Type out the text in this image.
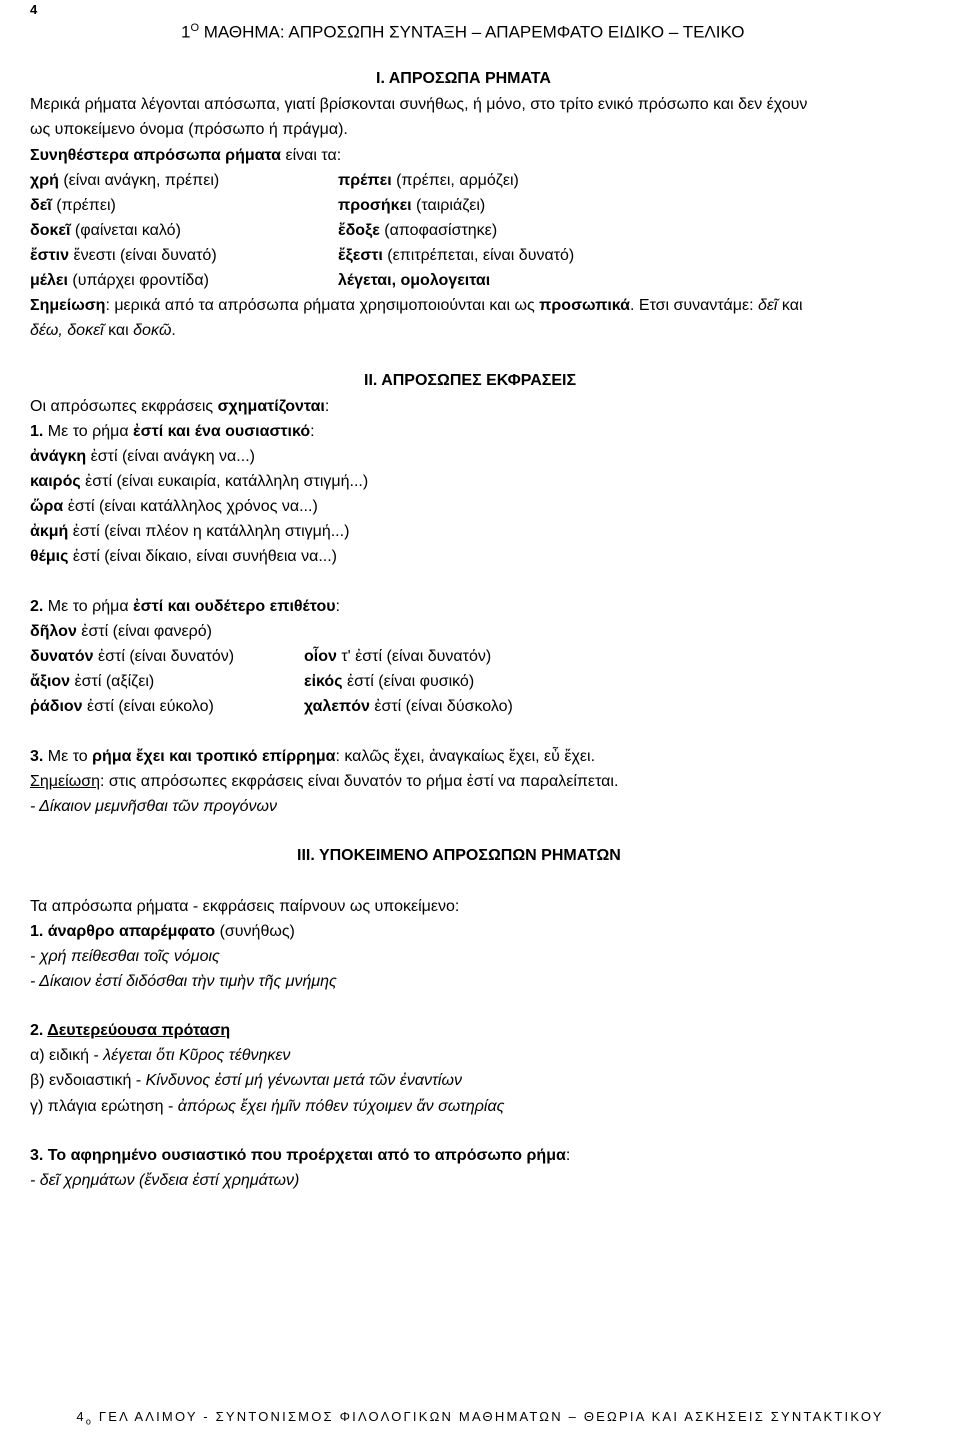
4
$1^O$ ΜΑΘΗΜΑ: ΑΠΡΟΣΩΠΗ ΣΥΝΤΑΞΗ – ΑΠΑΡΕΜΦΑΤΟ ΕΙΔΙΚΟ – ΤΕΛΙΚΟ
Ι. ΑΠΡΟΣΩΠΑ ΡΗΜΑΤΑ
Μερικά ρήματα λέγονται απόσωπα, γιατί βρίσκονται συνήθως, ή μόνο, στο τρίτο ενικό πρόσωπο και δεν έχουν
ως υποκείμενο όνομα (πρόσωπο ή πράγμα).
Συνηθέστερα απρόσωπα ρήματα είναι τα:
χρή (είναι ανάγκη, πρέπει)	πρέπει (πρέπει, αρμόζει)
δεῖ (πρέπει)	προσήκει (ταιριάζει)
δοκεῖ (φαίνεται καλό)	ἔδοξε (αποφασίστηκε)
ἔστιν ἔνεστι (είναι δυνατό)	ἔξεστι (επιτρέπεται, είναι δυνατό)
μέλει (υπάρχει φροντίδα)	λέγεται, ομολογειται
Σημείωση: μερικά από τα απρόσωπα ρήματα χρησιμοποιούνται και ως προσωπικά. Ετσι συναντάμε: δεῖ και
δέω, δοκεῖ και δοκῶ.
ΙΙ. ΑΠΡΟΣΩΠΕΣ ΕΚΦΡΑΣΕΙΣ
Οι απρόσωπες εκφράσεις σχηματίζονται:
1. Με το ρήμα ἐστί και ένα ουσιαστικό:
ἀνάγκη ἐστί (είναι ανάγκη να...)
καιρός ἐστί (είναι ευκαιρία, κατάλληλη στιγμή...)
ὥρα ἐστί (είναι κατάλληλος χρόνος να...)
ἀκμή ἐστί (είναι πλέον η κατάλληλη στιγμή...)
θέμις ἐστί (είναι δίκαιο, είναι συνήθεια να...)
2. Με το ρήμα ἐστί και ουδέτερο επιθέτου:
δῆλον ἐστί (είναι φανερό)
δυνατόν ἐστί (είναι δυνατόν)	οἷον τ' ἐστί (είναι δυνατόν)
ἄξιον ἐστί (αξίζει)	εἰκός ἐστί (είναι φυσικό)
ῥάδιον ἐστί (είναι εύκολο)	χαλεπόν ἐστί (είναι δύσκολο)
3. Με το ρήμα ἔχει και τροπικό επίρρημα: καλῶς ἔχει, ἀναγκαίως ἔχει, εὖ ἔχει.
Σημείωση: στις απρόσωπες εκφράσεις είναι δυνατόν το ρήμα ἐστί να παραλείπεται.
- Δίκαιον μεμνῆσθαι τῶν προγόνων
ΙΙΙ. ΥΠΟΚΕΙΜΕΝΟ ΑΠΡΟΣΩΠΩΝ ΡΗΜΑΤΩΝ
Τα απρόσωπα ρήματα - εκφράσεις παίρνουν ως υποκείμενο:
1. άναρθρο απαρέμφατο (συνήθως)
- χρή πείθεσθαι τοῖς νόμοις
- Δίκαιον ἐστί διδόσθαι τὴν τιμὴν τῆς μνήμης
2. Δευτερεύουσα πρόταση
α) ειδική - λέγεται ὅτι Κῦρος τέθνηκεν
β) ενδοιαστική - Κίνδυνος ἐστί μή γένωνται μετά τῶν ἐναντίων
γ) πλάγια ερώτηση - ἀπόρως ἔχει ἡμῖν πόθεν τύχοιμεν ἄν σωτηρίας
3. Το αφηρημένο ουσιαστικό που προέρχεται από το απρόσωπο ρήμα:
- δεῖ χρημάτων (ἔνδεια ἐστί χρημάτων)
$4_o$ ΓΕΛ ΑΛΙΜΟΥ - ΣΥΝΤΟΝΙΣΜΟΣ ΦΙΛΟΛΟΓΙΚΩΝ ΜΑΘΗΜΑΤΩΝ – ΘΕΩΡΙΑ ΚΑΙ ΑΣΚΗΣΕΙΣ ΣΥΝΤΑΚΤΙΚΟΥ
